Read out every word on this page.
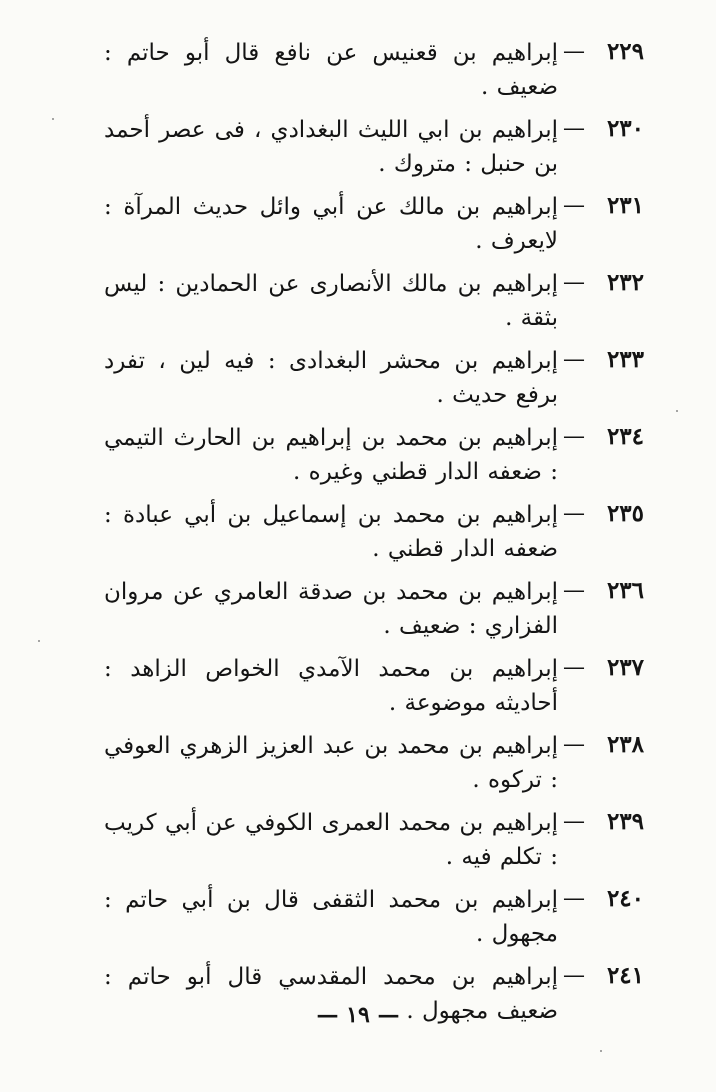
٢٢٩
—
إبراهيم بن قعنيس عن نافع قال أبو حاتم : ضعيف .
٢٣٠
—
إبراهيم بن ابي الليث البغدادي ، فى عصر أحمد بن حنبل : متروك .
٢٣١
—
إبراهيم بن مالك عن أبي وائل حديث المرآة : لايعرف .
٢٣٢
—
إبراهيم بن مالك الأنصارى عن الحمادين : ليس بثقة .
٢٣٣
—
إبراهيم بن محشر البغدادى : فيه لين ، تفرد برفع حديث .
٢٣٤
—
إبراهيم بن محمد بن إبراهيم بن الحارث التيمي : ضعفه الدار قطني وغيره .
٢٣٥
—
إبراهيم بن محمد بن إسماعيل بن أبي عبادة : ضعفه الدار قطني .
٢٣٦
—
إبراهيم بن محمد بن صدقة العامري عن مروان الفزاري : ضعيف .
٢٣٧
—
إبراهيم بن محمد الآمدي الخواص الزاهد : أحاديثه موضوعة .
٢٣٨
—
إبراهيم بن محمد بن عبد العزيز الزهري العوفي : تركوه .
٢٣٩
—
إبراهيم بن محمد العمرى الكوفي عن أبي كريب : تكلم فيه .
٢٤٠
—
إبراهيم بن محمد الثقفى قال بن أبي حاتم : مجهول .
٢٤١
—
إبراهيم بن محمد المقدسي قال أبو حاتم : ضعيف مجهول .
— ١٩ —
